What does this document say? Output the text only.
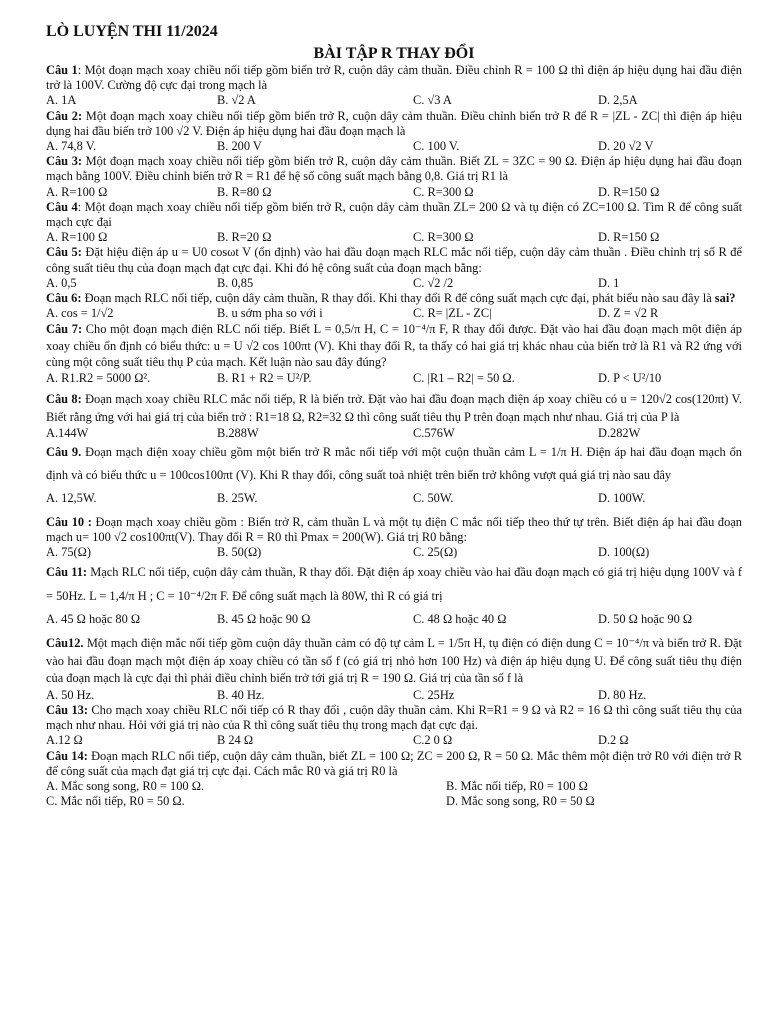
LÒ LUYỆN THI 11/2024

BÀI TẬP R THAY ĐỔI

Câu 1: Một đoạn mạch xoay chiều nối tiếp gồm biến trở R, cuộn dây cảm thuần. Điều chỉnh R = 100 Ω thì điện áp hiệu dụng hai đầu điện trở là 100V. Cường độ cực đại trong mạch là

A. 1A	B. √2 A	C. √3 A	D. 2,5A

Câu 2: Một đoạn mạch xoay chiều nối tiếp gồm biến trở R, cuộn dây cảm thuần. Điều chỉnh biến trở R để R = |ZL - ZC| thì điện áp hiệu dụng hai đầu biến trở 100 √2 V. Điện áp hiệu dụng hai đầu đoạn mạch là

A. 74,8 V.	B. 200 V	C. 100 V.	D. 20 √2 V

Câu 3: Một đoạn mạch xoay chiều nối tiếp gồm biến trở R, cuộn dây cảm thuần. Biết ZL = 3ZC = 90 Ω. Điện áp hiệu dụng hai đầu đoạn mạch bằng 100V. Điều chỉnh biến trở R = R1 để hệ số công suất mạch bằng 0,8. Giá trị R1 là

A. R=100 Ω	B. R=80 Ω	C. R=300 Ω	D. R=150 Ω

Câu 4: Một đoạn mạch xoay chiều nối tiếp gồm biến trở R, cuộn dây cảm thuần ZL= 200 Ω và tụ điện có ZC=100 Ω. Tìm R để công suất mạch cực đại

A. R=100 Ω	B. R=20 Ω	C. R=300 Ω	D. R=150 Ω

Câu 5: Đặt hiệu điện áp u = U0 cosωt V (ổn định) vào hai đầu đoạn mạch RLC mắc nối tiếp, cuộn dây cảm thuần . Điều chỉnh trị số R để công suất tiêu thụ của đoạn mạch đạt cực đại. Khi đó hệ công suất của đoạn mạch bằng:

A. 0,5	B. 0,85	C. √2 /2	D. 1

Câu 6: Đoạn mạch RLC nối tiếp, cuộn dây cảm thuần, R thay đổi. Khi thay đổi R để công suất mạch cực đại, phát biểu nào sau đây là sai?

A. cos = 1/√2	B. u sớm pha so với i	C. R= |ZL - ZC|	D. Z = √2 R

Câu 7: Cho một đoạn mạch điện RLC nối tiếp. Biết L = 0,5/π H, C = 10⁻⁴/π F, R thay đổi được. Đặt vào hai đầu đoạn mạch một điện áp xoay chiều ổn định có biểu thức: u = U √2 cos 100πt (V). Khi thay đổi R, ta thấy có hai giá trị khác nhau của biến trở là R1 và R2 ứng với cùng một công suất tiêu thụ P của mạch. Kết luận nào sau đây đúng?

A. R1.R2 = 5000 Ω².	B. R1 + R2 = U²/P.	C. |R1 – R2| = 50 Ω.	D. P < U²/10

Câu 8: Đoạn mạch xoay chiều RLC mắc nối tiếp, R là biến trở. Đặt vào hai đầu đoạn mạch điện áp xoay chiều có u = 120√2 cos(120πt) V. Biết rằng ứng với hai giá trị của biến trở : R1=18 Ω, R2=32 Ω thì công suất tiêu thụ P trên đoạn mạch như nhau. Giá trị của P là

A.144W	B.288W	C.576W	D.282W

Câu 9. Đoạn mạch điện xoay chiều gồm một biến trở R mắc nối tiếp với một cuộn thuần cảm L = 1/π H. Điện áp hai đầu đoạn mạch ổn định và có biểu thức u = 100cos100πt (V). Khi R thay đổi, công suất toả nhiệt trên biến trở không vượt quá giá trị nào sau đây

A. 12,5W.	B. 25W.	C. 50W.	D. 100W.

Câu 10 : Đoạn mạch xoay chiều gồm : Biến trở R, cảm thuần L và một tụ điện C mắc nối tiếp theo thứ tự trên. Biết điện áp hai đầu đoạn mạch u= 100 √2 cos100πt(V). Thay đổi R = R0 thì Pmax = 200(W). Giá trị R0 bằng:

A. 75(Ω)	B. 50(Ω)	C. 25(Ω)	D. 100(Ω)

Câu 11: Mạch RLC nối tiếp, cuộn dây cảm thuần, R thay đổi. Đặt điện áp xoay chiều vào hai đầu đoạn mạch có giá trị hiệu dụng 100V và f = 50Hz. L = 1,4/π H ; C = 10⁻⁴/2π F. Để công suất mạch là 80W, thì R có giá trị

A. 45 Ω hoặc 80 Ω	B. 45 Ω hoặc 90 Ω	C. 48 Ω hoặc 40 Ω	D. 50 Ω hoặc 90 Ω

Câu12. Một mạch điện mắc nối tiếp gồm cuộn dây thuần cảm có độ tự cảm L = 1/5π H, tụ điện có điện dung C = 10⁻⁴/π và biến trở R. Đặt vào hai đầu đoạn mạch một điện áp xoay chiều có tần số f (có giá trị nhỏ hơn 100 Hz) và điện áp hiệu dụng U. Để công suất tiêu thụ điện của đoạn mạch là cực đại thì phải điều chỉnh biến trở tới giá trị R = 190 Ω. Giá trị của tần số f là

A. 50 Hz.	B. 40 Hz.	C. 25Hz	D. 80 Hz.

Câu 13: Cho mạch xoay chiều RLC nối tiếp có R thay đổi , cuộn dây thuần cảm. Khi R=R1 = 9 Ω và R2 = 16 Ω thì công suất tiêu thụ của mạch như nhau. Hỏi với giá trị nào của R thì công suất tiêu thụ trong mạch đạt cực đại.

A.12 Ω	B 24 Ω	C.2 0 Ω	D.2 Ω

Câu 14: Đoạn mạch RLC nối tiếp, cuộn dây cảm thuần, biết ZL = 100 Ω; ZC = 200 Ω, R = 50 Ω. Mắc thêm một điện trở R0 với điện trở R để công suất của mạch đạt giá trị cực đại. Cách mắc R0 và giá trị R0 là

A. Mắc song song, R0 = 100 Ω.	B. Mắc nối tiếp, R0 = 100 Ω
C. Mắc nối tiếp, R0 = 50 Ω.	D. Mắc song song, R0 = 50 Ω
